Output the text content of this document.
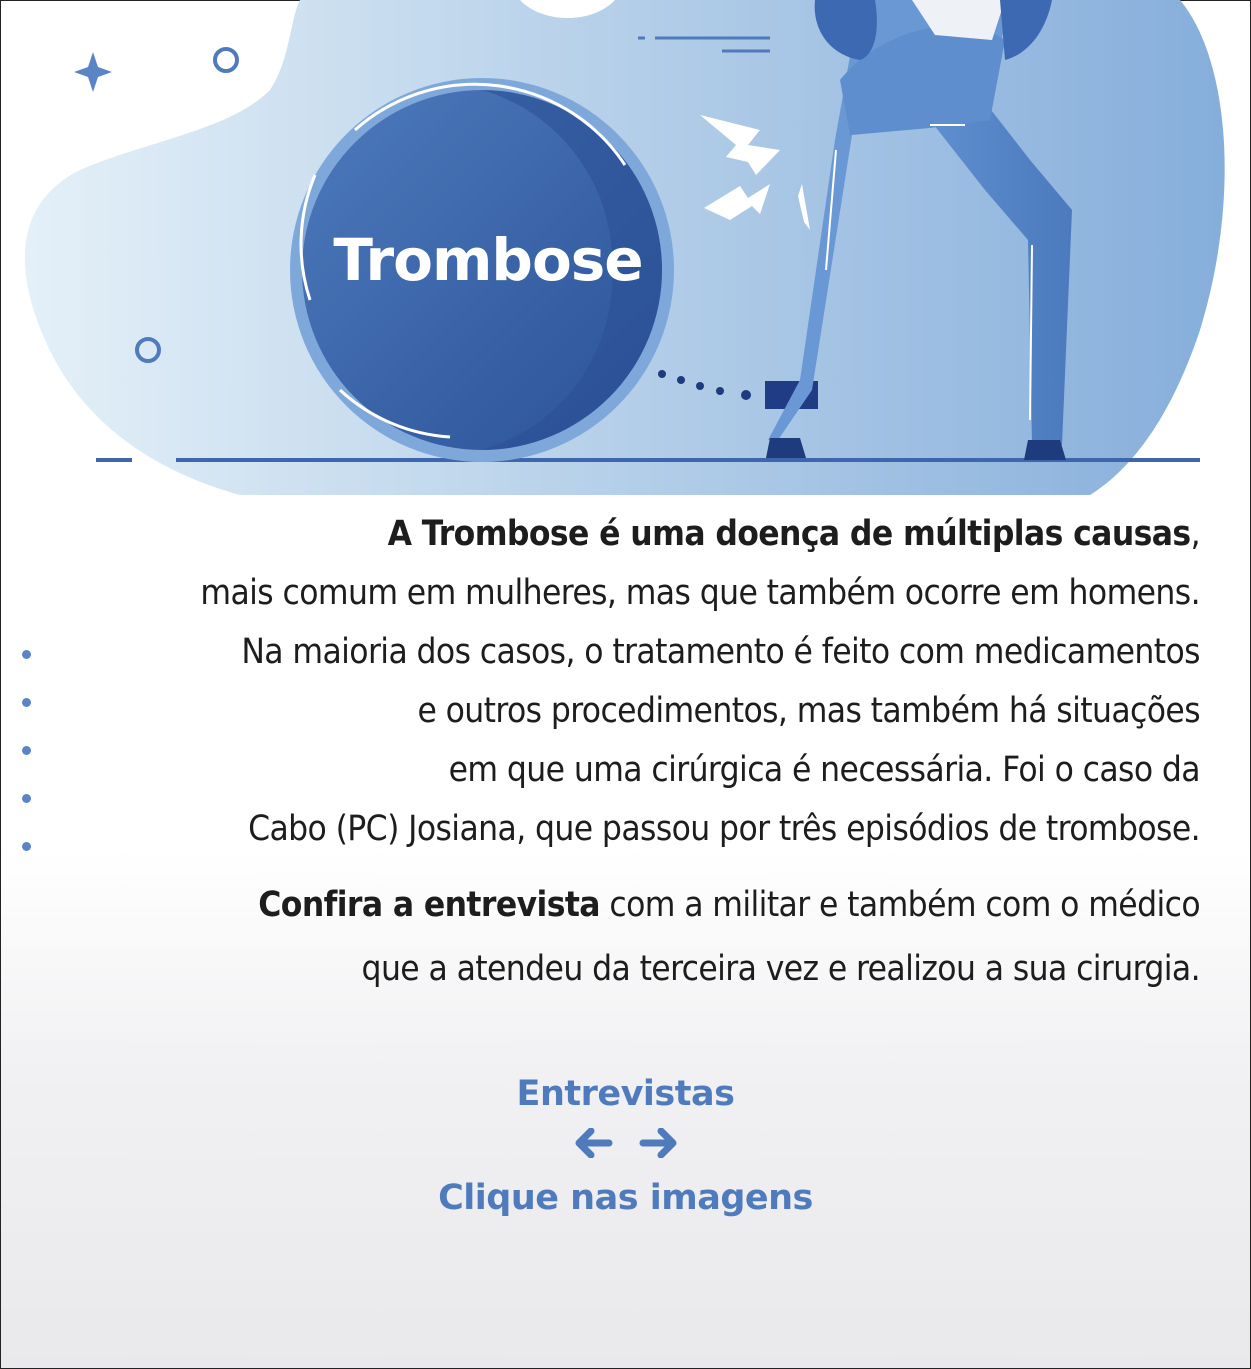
Trombose

A Trombose é uma doença de múltiplas causas,

mais comum em mulheres, mas que também ocorre em homens.

Na maioria dos casos, o tratamento é feito com medicamentos

e outros procedimentos, mas também há situações

em que uma cirúrgica é necessária. Foi o caso da

Cabo (PC) Josiana, que passou por três episódios de trombose.

Confira a entrevista com a militar e também com o médico

que a atendeu da terceira vez e realizou a sua cirurgia.

Entrevistas
Clique nas imagens
